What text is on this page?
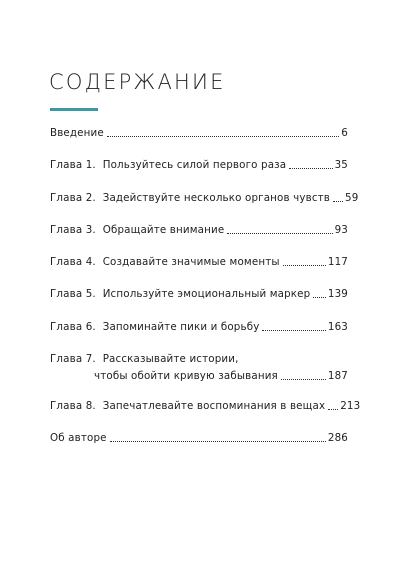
СОДЕРЖАНИЕ
Введение	6
Глава 1.  Пользуйтесь силой первого раза	35
Глава 2.  Задействуйте несколько органов чувств 59
Глава 3.  Обращайте внимание	93
Глава 4.  Создавайте значимые моменты	117
Глава 5.  Используйте эмоциональный маркер 139
Глава 6.  Запоминайте пики и борьбу	163
Глава 7.  Рассказывайте истории,
чтобы обойти кривую забывания	187
Глава 8.  Запечатлевайте воспоминания в вещах 213
Об авторе	286
